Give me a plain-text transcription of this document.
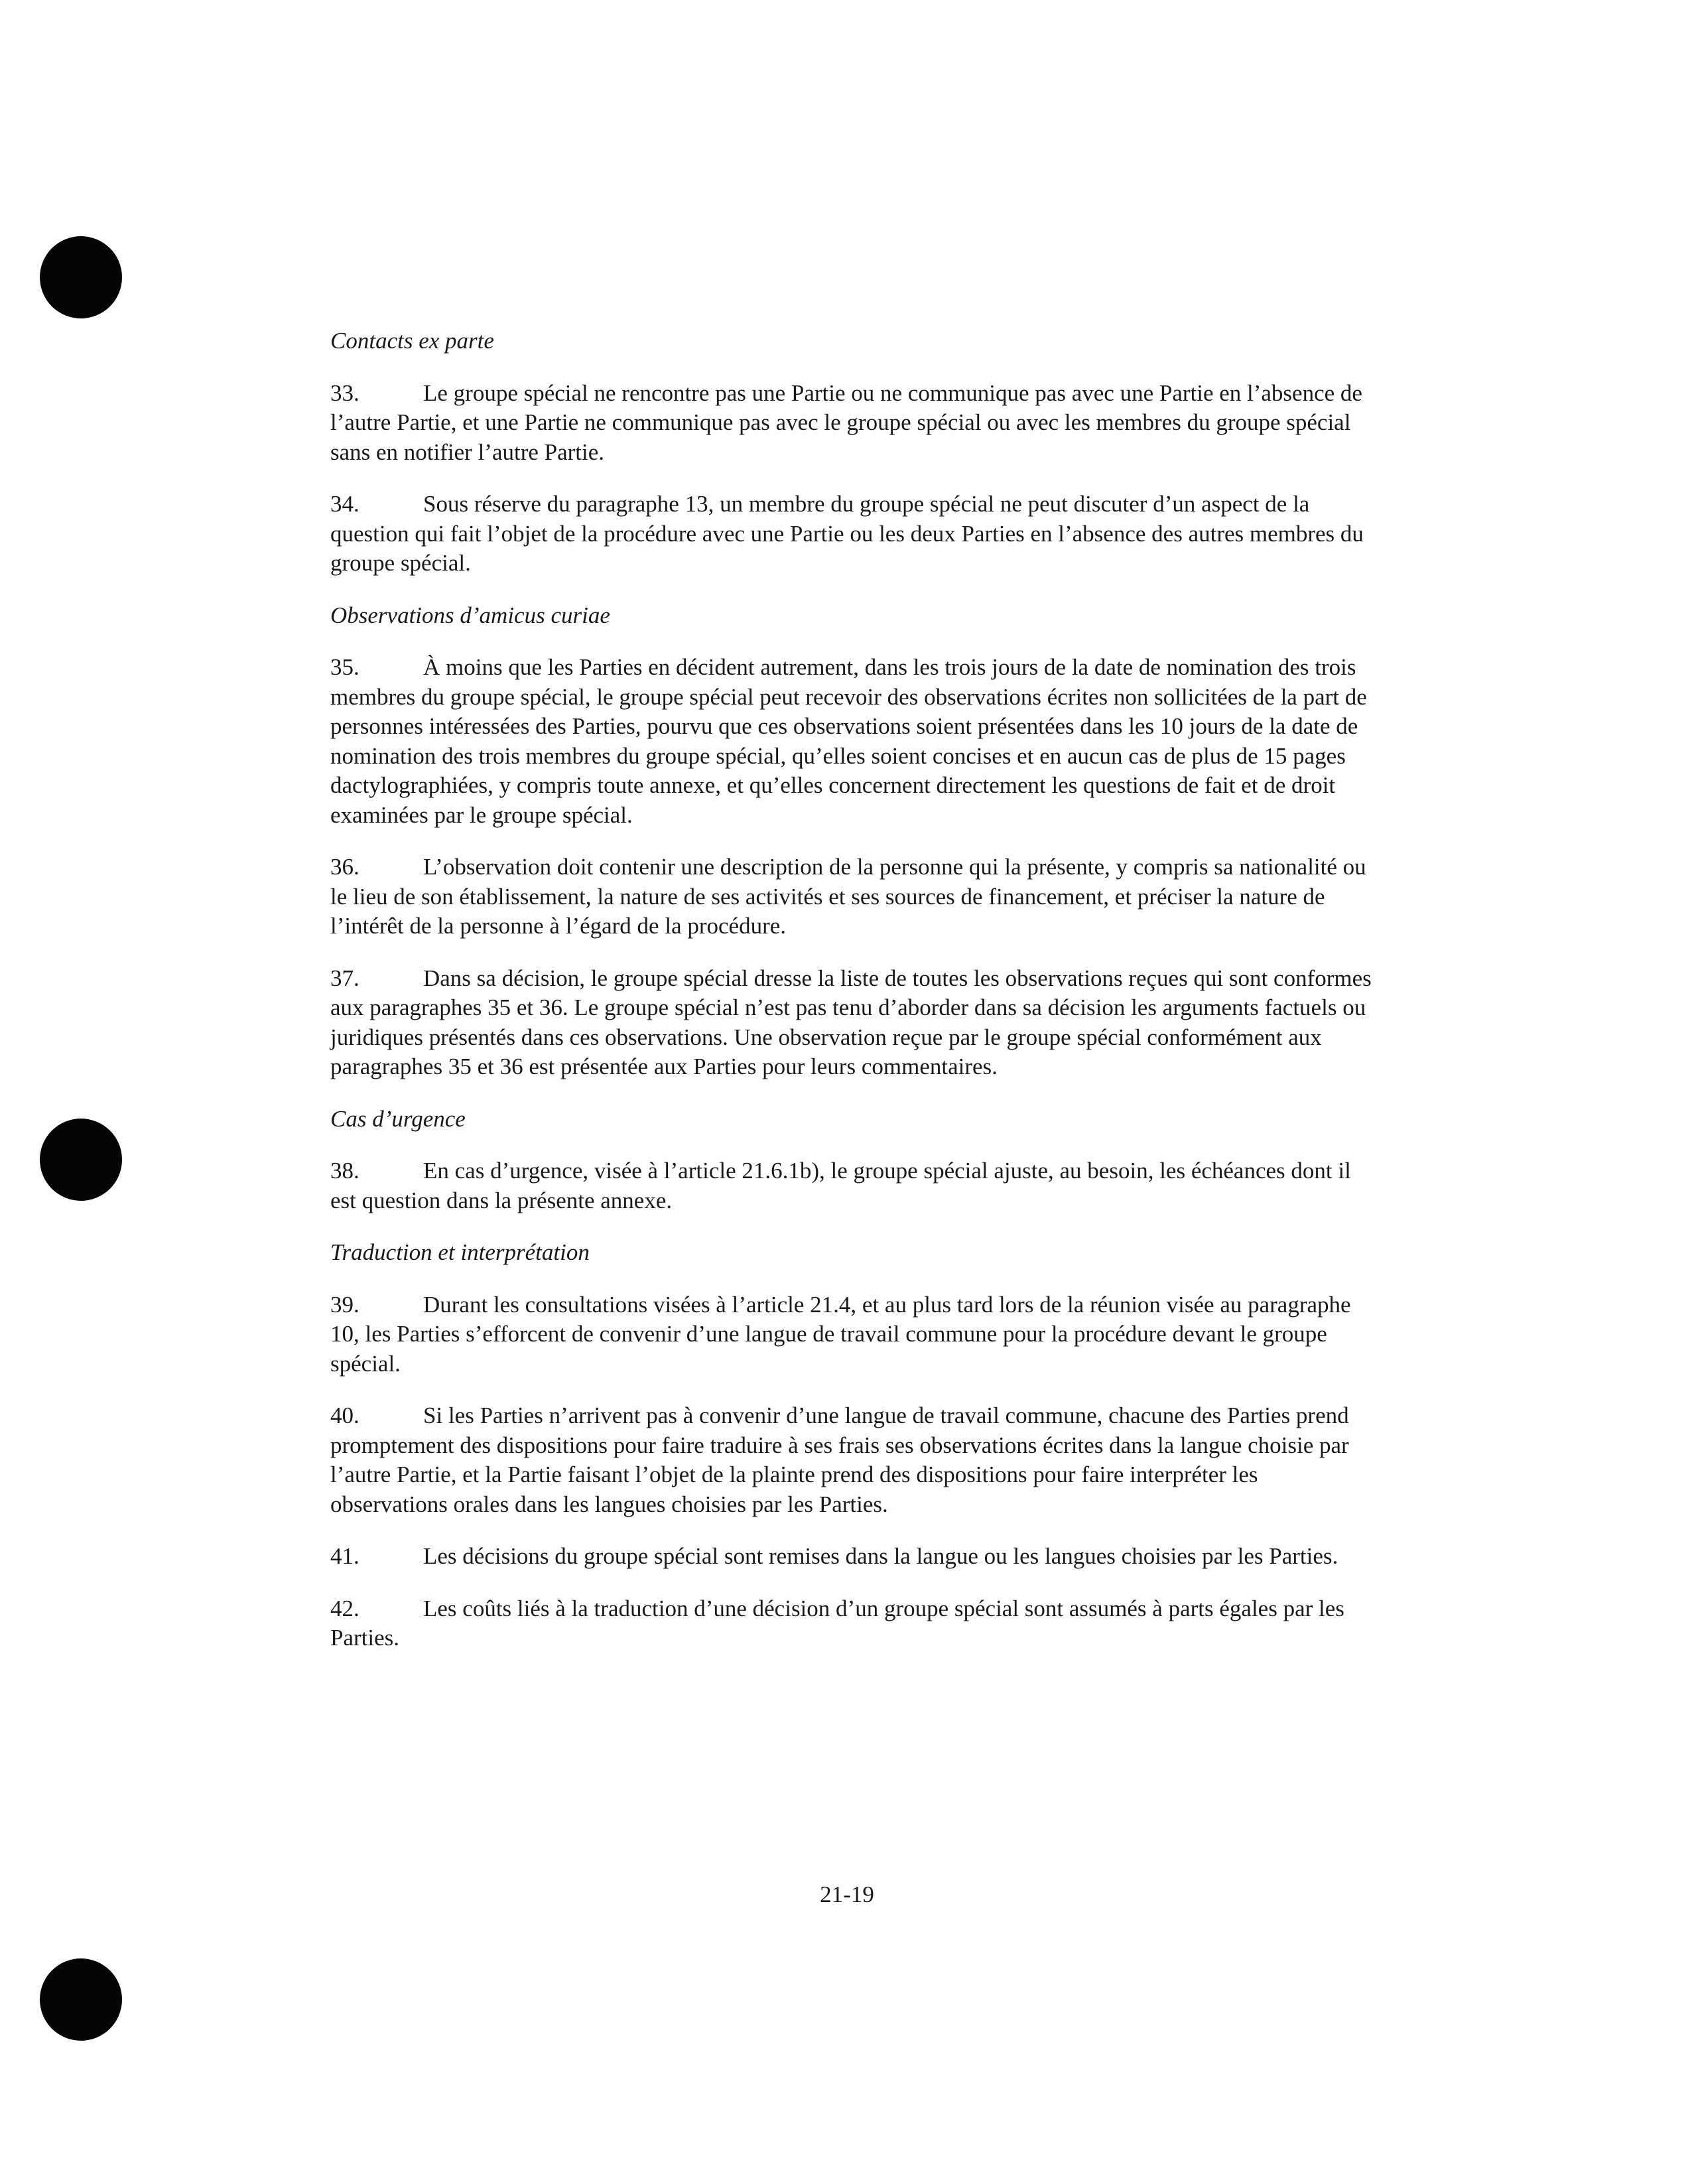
Contacts ex parte
33.	Le groupe spécial ne rencontre pas une Partie ou ne communique pas avec une Partie en l’absence de l’autre Partie, et une Partie ne communique pas avec le groupe spécial ou avec les membres du groupe spécial sans en notifier l’autre Partie.
34.	Sous réserve du paragraphe 13, un membre du groupe spécial ne peut discuter d’un aspect de la question qui fait l’objet de la procédure avec une Partie ou les deux Parties en l’absence des autres membres du groupe spécial.
Observations d’amicus curiae
35.	À moins que les Parties en décident autrement, dans les trois jours de la date de nomination des trois membres du groupe spécial, le groupe spécial peut recevoir des observations écrites non sollicitées de la part de personnes intéressées des Parties, pourvu que ces observations soient présentées dans les 10 jours de la date de nomination des trois membres du groupe spécial, qu’elles soient concises et en aucun cas de plus de 15 pages dactylographiées, y compris toute annexe, et qu’elles concernent directement les questions de fait et de droit examinées par le groupe spécial.
36.	L’observation doit contenir une description de la personne qui la présente, y compris sa nationalité ou le lieu de son établissement, la nature de ses activités et ses sources de financement, et préciser la nature de l’intérêt de la personne à l’égard de la procédure.
37.	Dans sa décision, le groupe spécial dresse la liste de toutes les observations reçues qui sont conformes aux paragraphes 35 et 36. Le groupe spécial n’est pas tenu d’aborder dans sa décision les arguments factuels ou juridiques présentés dans ces observations. Une observation reçue par le groupe spécial conformément aux paragraphes 35 et 36 est présentée aux Parties pour leurs commentaires.
Cas d’urgence
38.	En cas d’urgence, visée à l’article 21.6.1b), le groupe spécial ajuste, au besoin, les échéances dont il est question dans la présente annexe.
Traduction et interprétation
39.	Durant les consultations visées à l’article 21.4, et au plus tard lors de la réunion visée au paragraphe 10, les Parties s’efforcent de convenir d’une langue de travail commune pour la procédure devant le groupe spécial.
40.	Si les Parties n’arrivent pas à convenir d’une langue de travail commune, chacune des Parties prend promptement des dispositions pour faire traduire à ses frais ses observations écrites dans la langue choisie par l’autre Partie, et la Partie faisant l’objet de la plainte prend des dispositions pour faire interpréter les observations orales dans les langues choisies par les Parties.
41.	Les décisions du groupe spécial sont remises dans la langue ou les langues choisies par les Parties.
42.	Les coûts liés à la traduction d’une décision d’un groupe spécial sont assumés à parts égales par les Parties.
21-19
